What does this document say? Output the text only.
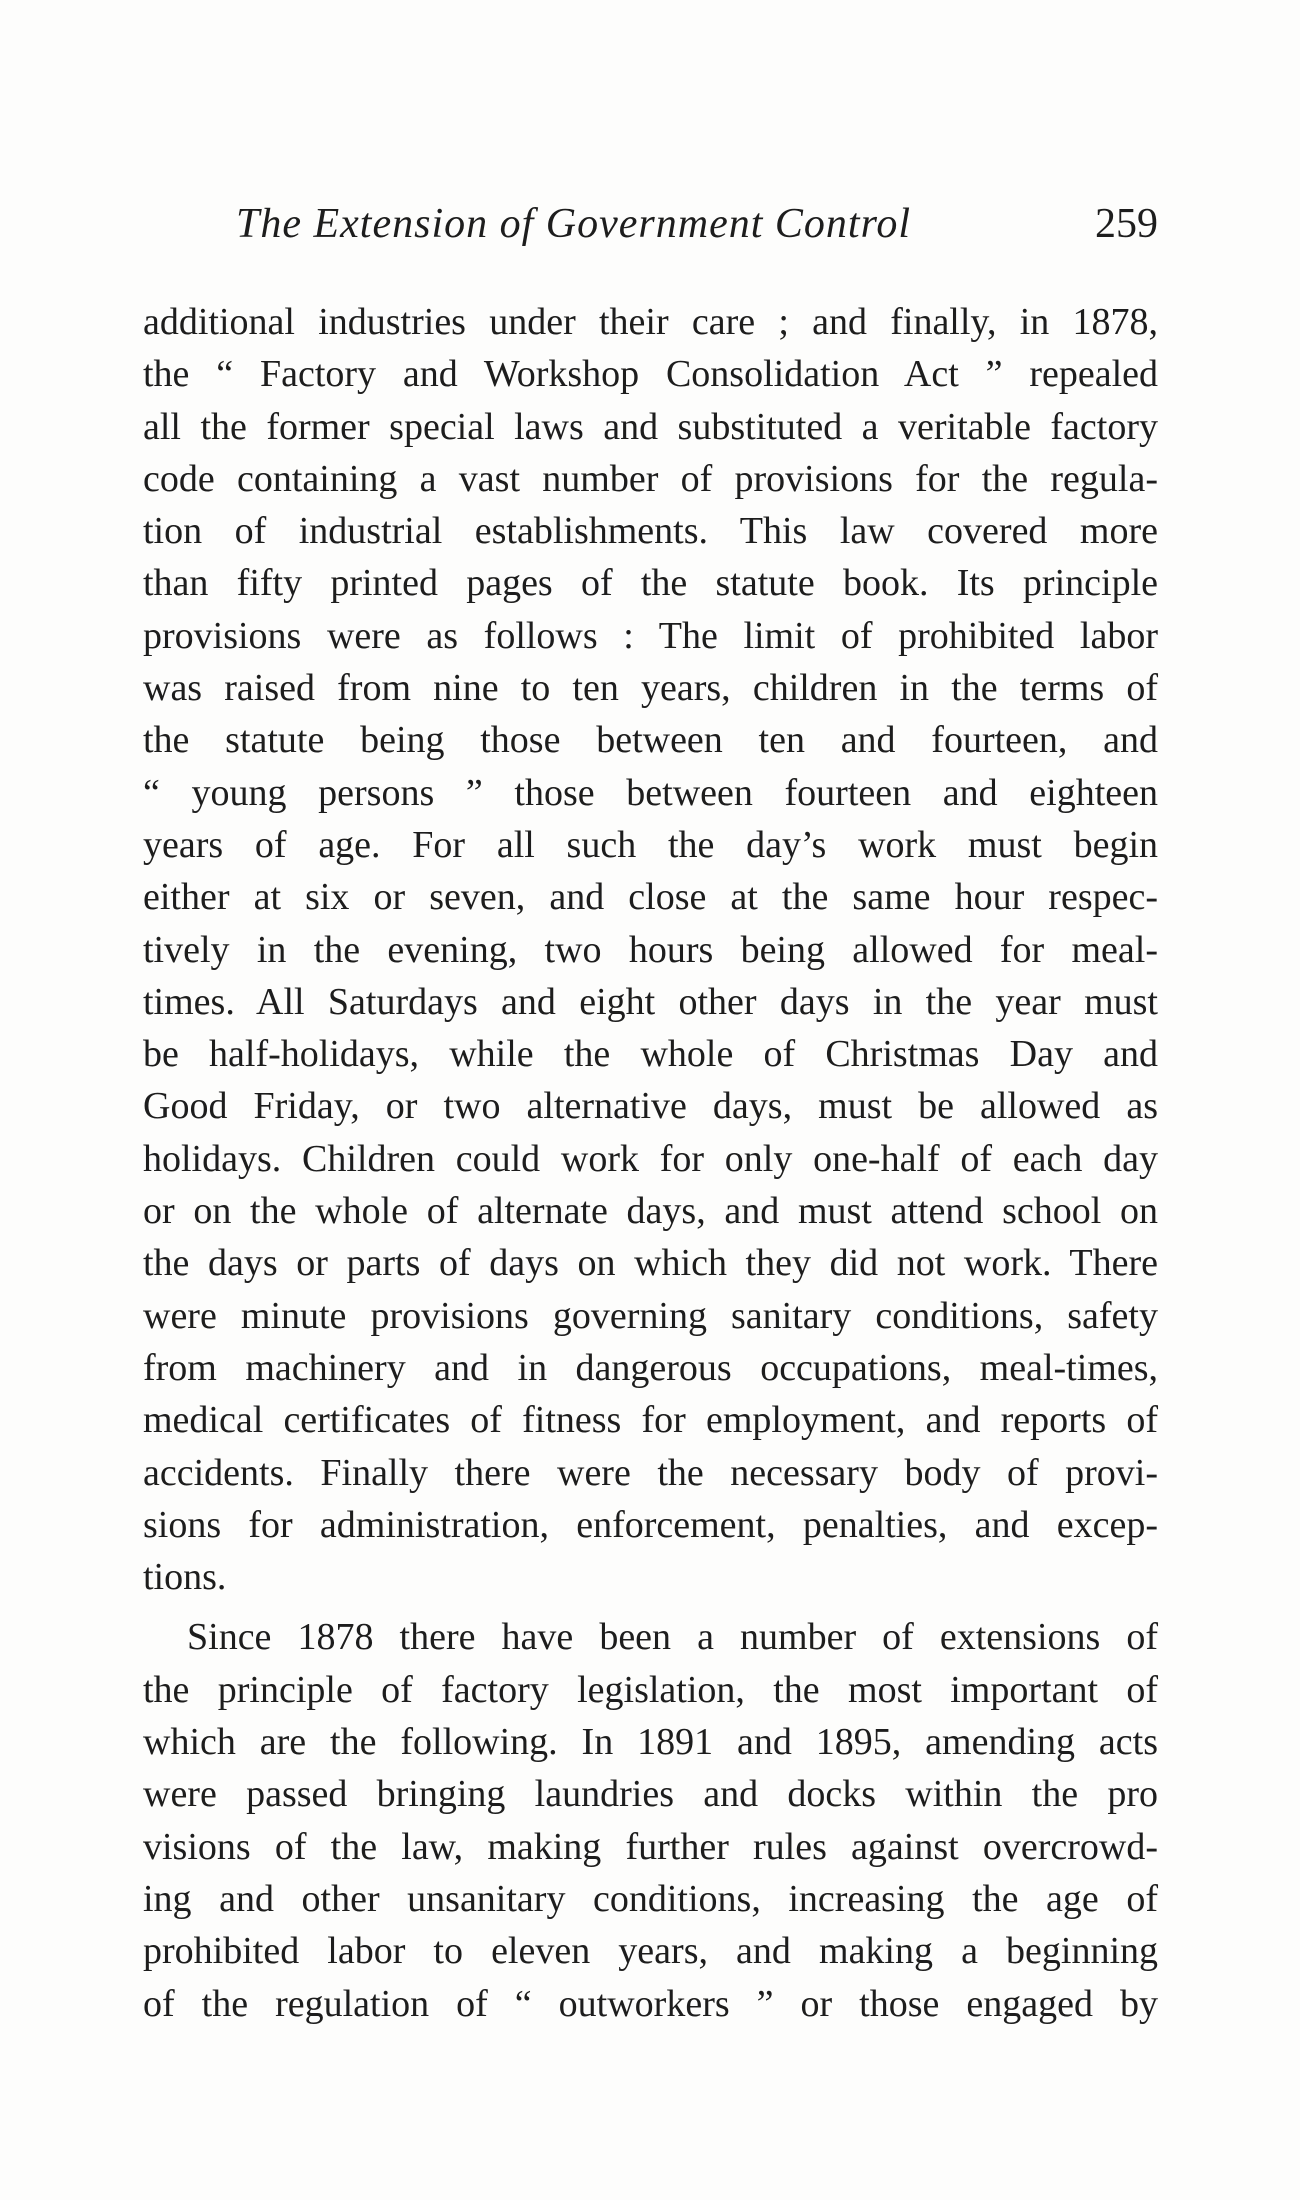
The Extension of Government Control	259
additional industries under their care ; and finally, in 1878,
the “ Factory and Workshop Consolidation Act ” repealed
all the former special laws and substituted a veritable factory
code containing a vast number of provisions for the regula-
tion of industrial establishments. This law covered more
than fifty printed pages of the statute book. Its principle
provisions were as follows : The limit of prohibited labor
was raised from nine to ten years, children in the terms of
the statute being those between ten and fourteen, and
“ young persons ” those between fourteen and eighteen
years of age. For all such the day’s work must begin
either at six or seven, and close at the same hour respec-
tively in the evening, two hours being allowed for meal-
times. All Saturdays and eight other days in the year must
be half-holidays, while the whole of Christmas Day and
Good Friday, or two alternative days, must be allowed as
holidays. Children could work for only one-half of each day
or on the whole of alternate days, and must attend school on
the days or parts of days on which they did not work. There
were minute provisions governing sanitary conditions, safety
from machinery and in dangerous occupations, meal-times,
medical certificates of fitness for employment, and reports of
accidents. Finally there were the necessary body of provi-
sions for administration, enforcement, penalties, and excep-
tions.
Since 1878 there have been a number of extensions of
the principle of factory legislation, the most important of
which are the following. In 1891 and 1895, amending acts
were passed bringing laundries and docks within the pro
visions of the law, making further rules against overcrowd-
ing and other unsanitary conditions, increasing the age of
prohibited labor to eleven years, and making a beginning
of the regulation of “ outworkers ” or those engaged by
